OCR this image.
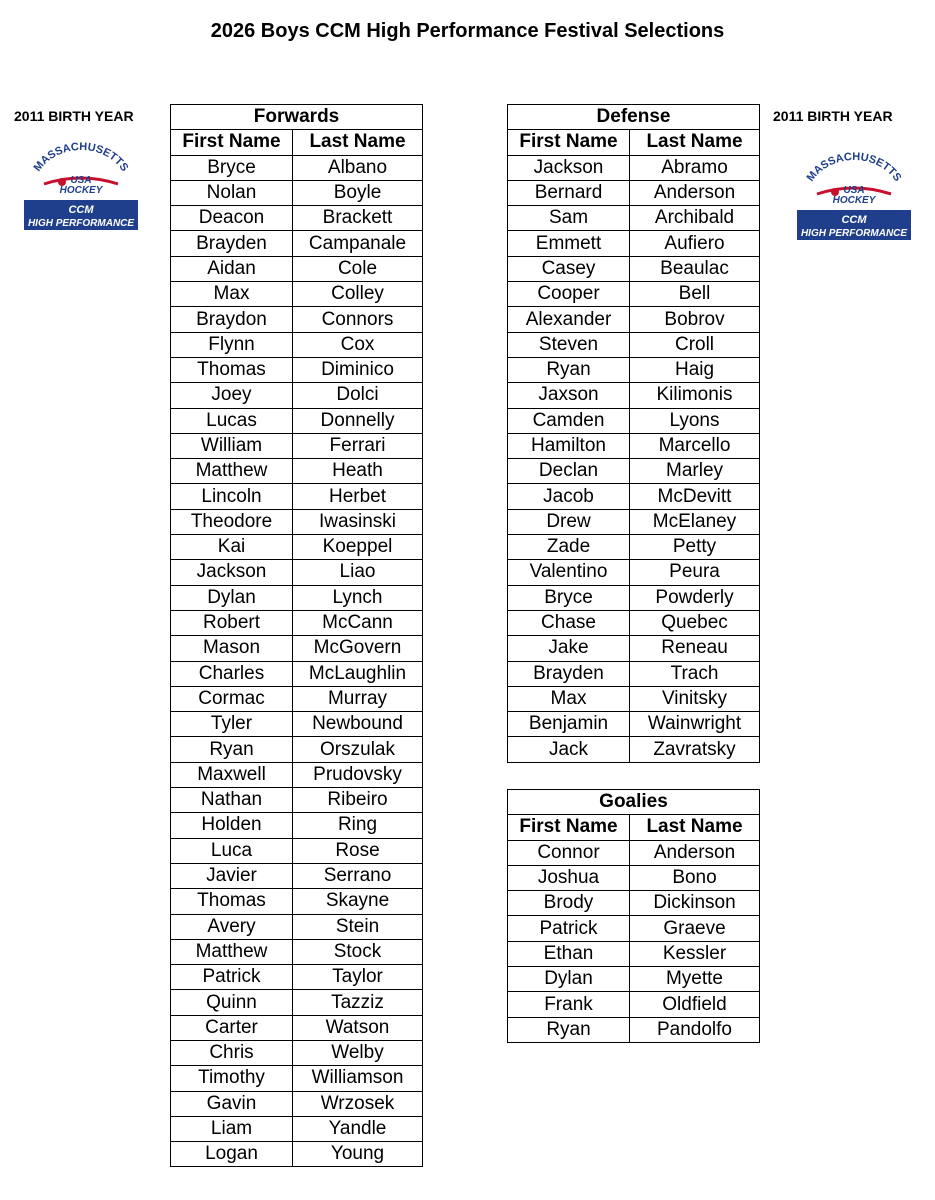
2026 Boys CCM High Performance Festival Selections
2011 BIRTH YEAR	2011 BIRTH YEAR
MASSACHUSETTS
USA
HOCKEY
CCM
HIGH PERFORMANCE
MASSACHUSETTS
USA
HOCKEY
CCM
HIGH PERFORMANCE
Forwards	
First Name	Last Name
Bryce	Albano
Nolan	Boyle
Deacon	Brackett
Brayden	Campanale
Aidan	Cole
Max	Colley
Braydon	Connors
Flynn	Cox
Thomas	Diminico
Joey	Dolci
Lucas	Donnelly
William	Ferrari
Matthew	Heath
Lincoln	Herbet
Theodore	Iwasinski
Kai	Koeppel
Jackson	Liao
Dylan	Lynch
Robert	McCann
Mason	McGovern
Charles	McLaughlin
Cormac	Murray
Tyler	Newbound
Ryan	Orszulak
Maxwell	Prudovsky
Nathan	Ribeiro
Holden	Ring
Luca	Rose
Javier	Serrano
Thomas	Skayne
Avery	Stein
Matthew	Stock
Patrick	Taylor
Quinn	Tazziz
Carter	Watson
Chris	Welby
Timothy	Williamson
Gavin	Wrzosek
Liam	Yandle
Logan	Young
Defense	
First Name	Last Name
Jackson	Abramo
Bernard	Anderson
Sam	Archibald
Emmett	Aufiero
Casey	Beaulac
Cooper	Bell
Alexander	Bobrov
Steven	Croll
Ryan	Haig
Jaxson	Kilimonis
Camden	Lyons
Hamilton	Marcello
Declan	Marley
Jacob	McDevitt
Drew	McElaney
Zade	Petty
Valentino	Peura
Bryce	Powderly
Chase	Quebec
Jake	Reneau
Brayden	Trach
Max	Vinitsky
Benjamin	Wainwright
Jack	Zavratsky
Goalies	
First Name	Last Name
Connor	Anderson
Joshua	Bono
Brody	Dickinson
Patrick	Graeve
Ethan	Kessler
Dylan	Myette
Frank	Oldfield
Ryan	Pandolfo
